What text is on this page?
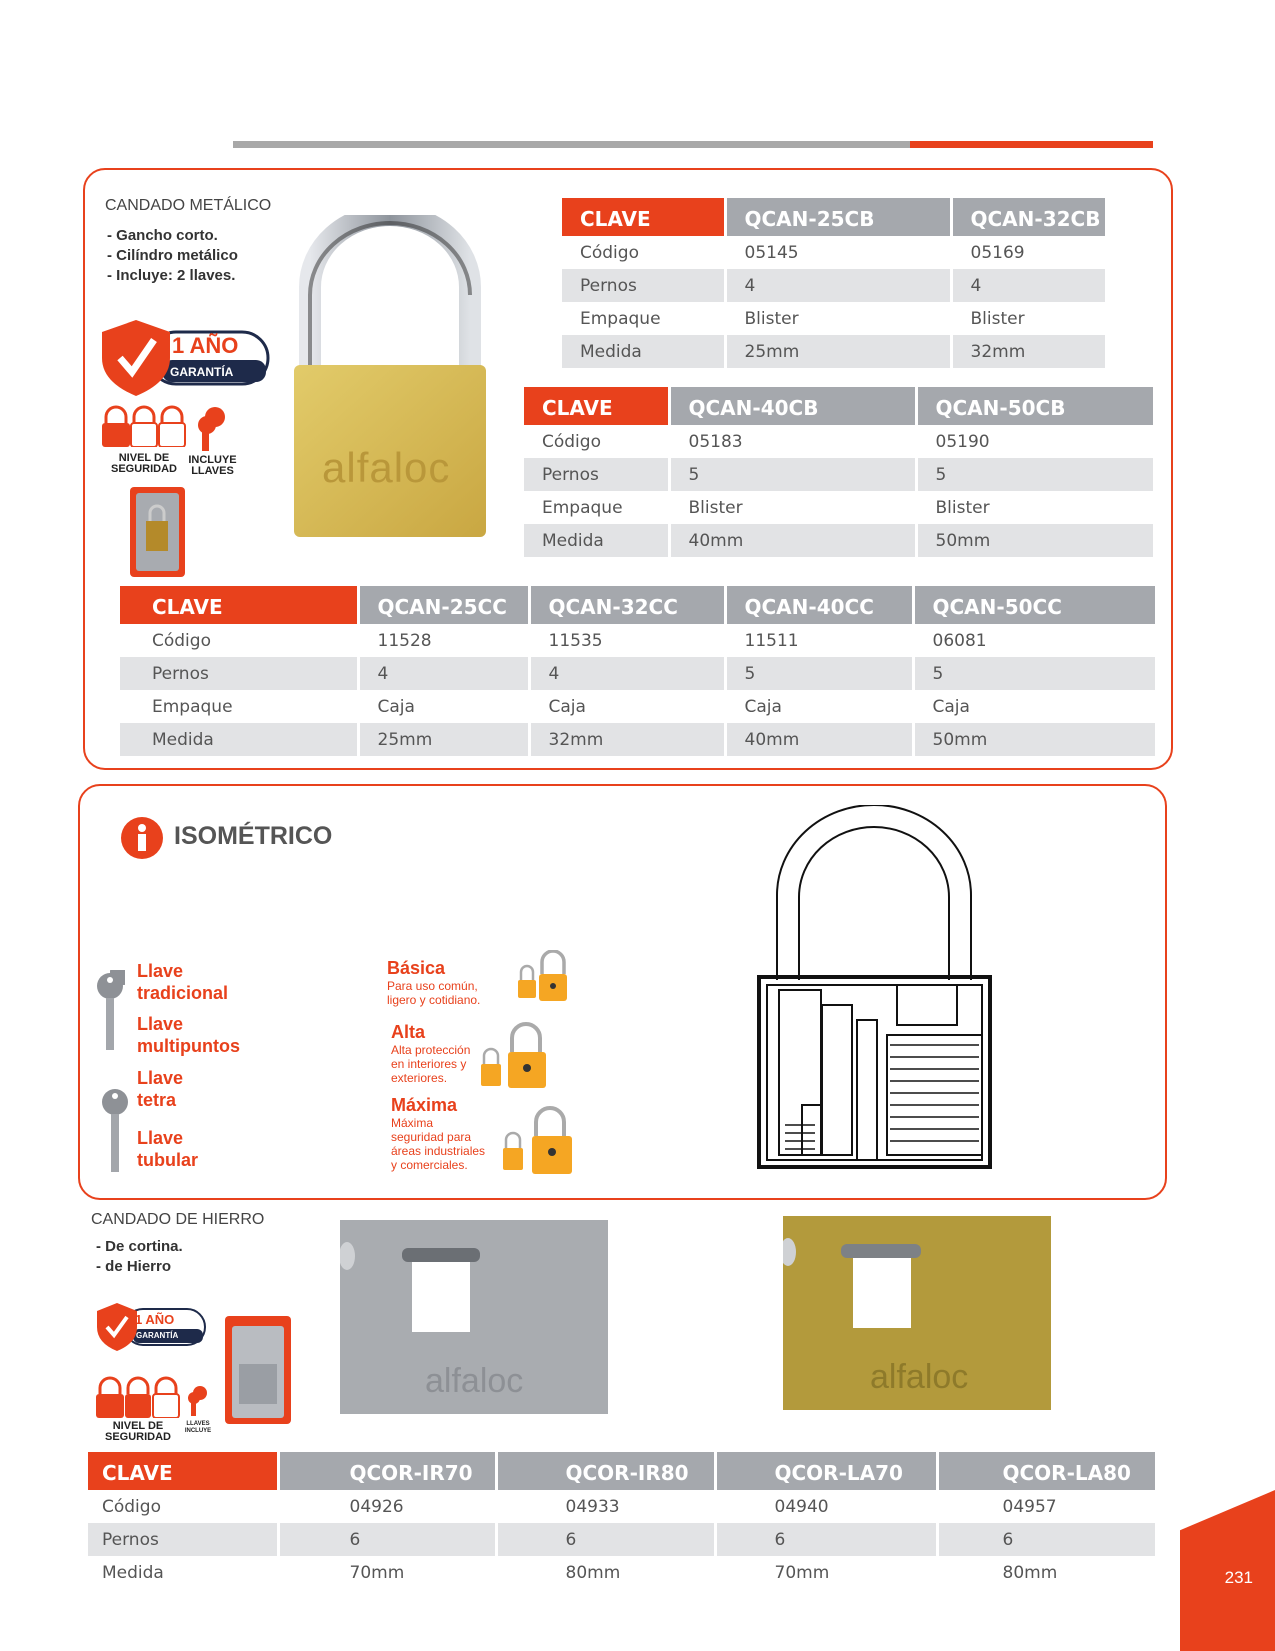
CANDADO METÁLICO
- Gancho corto.
- Cilíndro metálico
- Incluye: 2 llaves.
1 AÑO
GARANTÍA
NIVEL DE
SEGURIDAD
INCLUYE
LLAVES alfaloc
CLAVE	QCAN-25CB	QCAN-32CB
Código	05145	05169
Pernos	4	4
Empaque	Blister	Blister
Medida	25mm	32mm
CLAVE	QCAN-40CB	QCAN-50CB
Código	05183	05190
Pernos	5	5
Empaque	Blister	Blister
Medida	40mm	50mm
CLAVE	QCAN-25CC	QCAN-32CC	QCAN-40CC	QCAN-50CC
Código	11528	11535	11511	06081
Pernos	4	4	5	5
Empaque	Caja	Caja	Caja	Caja
Medida	25mm	32mm	40mm	50mm
ISOMÉTRICO
Llave
tradicional
Llave
multipuntos
Llave
tetra
Llave
tubular
Básica
Para uso común,
ligero y cotidiano.
Alta
Alta protección
en interiores y
exteriores.
Máxima
Máxima
seguridad para
áreas industriales
y comerciales.
CANDADO DE HIERRO
- De cortina.
- de Hierro
1 AÑO
GARANTÍA
NIVEL DE
SEGURIDAD
LLAVES
INCLUYE
alfaloc	alfaloc
CLAVE	QCOR-IR70	QCOR-IR80	QCOR-LA70	QCOR-LA80
Código	04926	04933	04940	04957
Pernos	6	6	6	6
Medida	70mm	80mm	70mm	80mm	231
